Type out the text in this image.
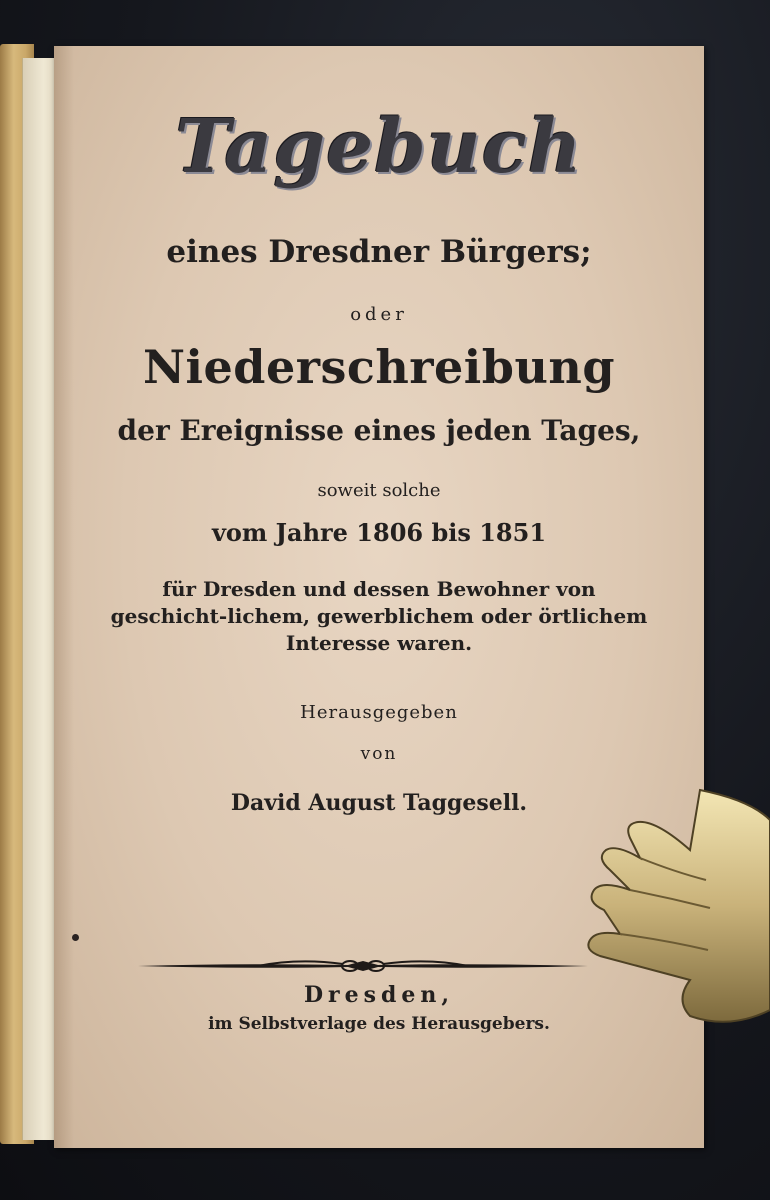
Tagebuch
eines Dresdner Bürgers;
oder
Niederschreibung
der Ereignisse eines jeden Tages,
soweit solche
vom Jahre 1806 bis 1851
für Dresden und dessen Bewohner von geschicht-lichem, gewerblichem oder örtlichem Interesse waren.
Herausgegeben
von
David August Taggesell.
Dresden,
im Selbstverlage des Herausgebers.
